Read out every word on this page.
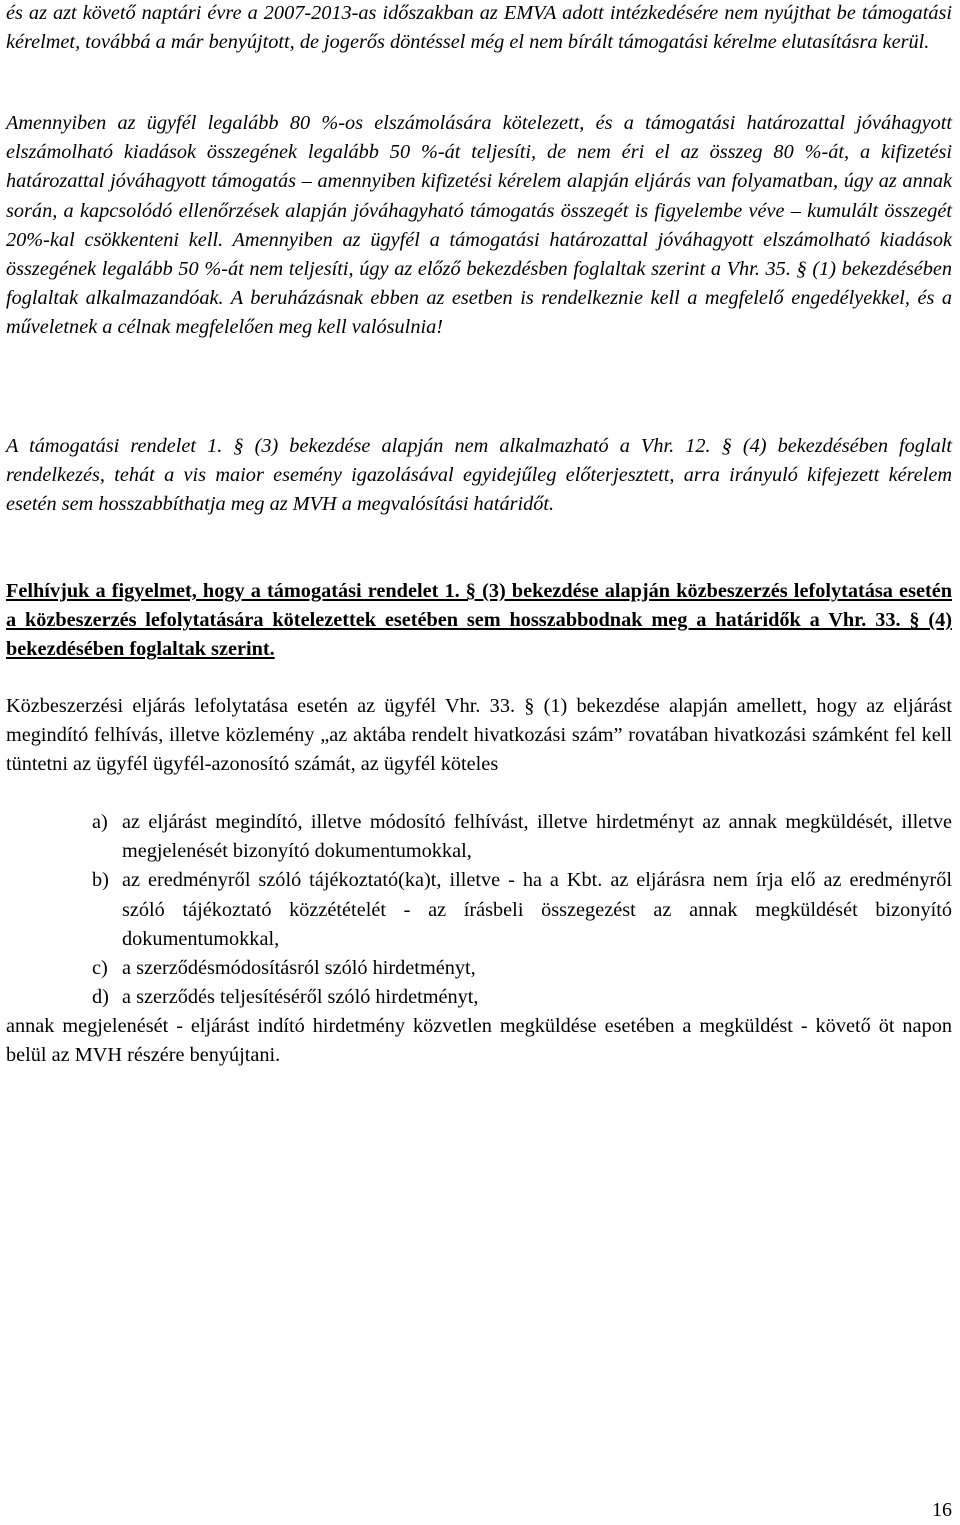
és az azt követő naptári évre a 2007-2013-as időszakban az EMVA adott intézkedésére nem nyújthat be támogatási kérelmet, továbbá a már benyújtott, de jogerős döntéssel még el nem bírált támogatási kérelme elutasításra kerül.

Amennyiben az ügyfél legalább 80 %-os elszámolására kötelezett, és a támogatási határozattal jóváhagyott elszámolható kiadások összegének legalább 50 %-át teljesíti, de nem éri el az összeg 80 %-át, a kifizetési határozattal jóváhagyott támogatás – amennyiben kifizetési kérelem alapján eljárás van folyamatban, úgy az annak során, a kapcsolódó ellenőrzések alapján jóváhagyható támogatás összegét is figyelembe véve – kumulált összegét 20%-kal csökkenteni kell. Amennyiben az ügyfél a támogatási határozattal jóváhagyott elszámolható kiadások összegének legalább 50 %-át nem teljesíti, úgy az előző bekezdésben foglaltak szerint a Vhr. 35. § (1) bekezdésében foglaltak alkalmazandóak. A beruházásnak ebben az esetben is rendelkeznie kell a megfelelő engedélyekkel, és a műveletnek a célnak megfelelően meg kell valósulnia!

A támogatási rendelet 1. § (3) bekezdése alapján nem alkalmazható a Vhr. 12. § (4) bekezdésében foglalt rendelkezés, tehát a vis maior esemény igazolásával egyidejűleg előterjesztett, arra irányuló kifejezett kérelem esetén sem hosszabbíthatja meg az MVH a megvalósítási határidőt.

Felhívjuk a figyelmet, hogy a támogatási rendelet 1. § (3) bekezdése alapján közbeszerzés lefolytatása esetén a közbeszerzés lefolytatására kötelezettek esetében sem hosszabbodnak meg a határidők a Vhr. 33. § (4) bekezdésében foglaltak szerint.

Közbeszerzési eljárás lefolytatása esetén az ügyfél Vhr. 33. § (1) bekezdése alapján amellett, hogy az eljárást megindító felhívás, illetve közlemény „az aktába rendelt hivatkozási szám” rovatában hivatkozási számként fel kell tüntetni az ügyfél ügyfél-azonosító számát, az ügyfél köteles

a) az eljárást megindító, illetve módosító felhívást, illetve hirdetményt az annak megküldését, illetve megjelenését bizonyító dokumentumokkal,
b) az eredményről szóló tájékoztató(ka)t, illetve - ha a Kbt. az eljárásra nem írja elő az eredményről szóló tájékoztató közzétételét - az írásbeli összegezést az annak megküldését bizonyító dokumentumokkal,
c) a szerződésmódosításról szóló hirdetményt,
d) a szerződés teljesítéséről szóló hirdetményt,

annak megjelenését - eljárást indító hirdetmény közvetlen megküldése esetében a megküldést - követő öt napon belül az MVH részére benyújtani.

16
